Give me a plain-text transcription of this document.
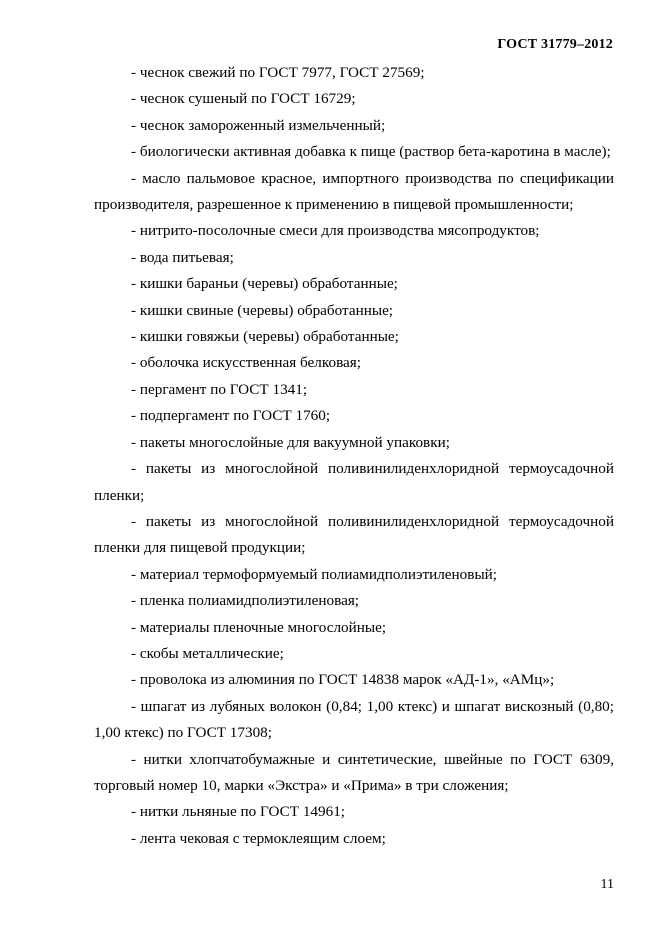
ГОСТ 31779–2012

- чеснок свежий по ГОСТ 7977, ГОСТ 27569;

- чеснок сушеный по ГОСТ 16729;

- чеснок замороженный измельченный;

- биологически активная добавка к пище (раствор бета-каротина в масле);

- масло пальмовое красное, импортного производства по спецификации производителя, разрешенное к применению в пищевой промышленности;

- нитрито-посолочные смеси для производства мясопродуктов;

- вода питьевая;

- кишки бараньи (черевы) обработанные;

- кишки свиные (черевы) обработанные;

- кишки говяжьи (черевы) обработанные;

- оболочка искусственная белковая;

- пергамент по ГОСТ 1341;

- подпергамент по ГОСТ 1760;

- пакеты многослойные для вакуумной упаковки;

- пакеты из многослойной поливинилиденхлоридной термоусадочной пленки;

- пакеты из многослойной поливинилиденхлоридной термоусадочной пленки для пищевой продукции;

- материал термоформуемый полиамидполиэтиленовый;

- пленка полиамидполиэтиленовая;

- материалы пленочные многослойные;

- скобы металлические;

- проволока из алюминия по ГОСТ 14838 марок «АД-1», «АМц»;

- шпагат из лубяных волокон (0,84; 1,00 ктекс) и шпагат вискозный (0,80; 1,00 ктекс) по ГОСТ 17308;

- нитки хлопчатобумажные и синтетические, швейные по ГОСТ 6309, торговый номер 10, марки «Экстра» и «Прима» в три сложения;

- нитки льняные по ГОСТ 14961;

- лента чековая с термоклеящим слоем;

11
